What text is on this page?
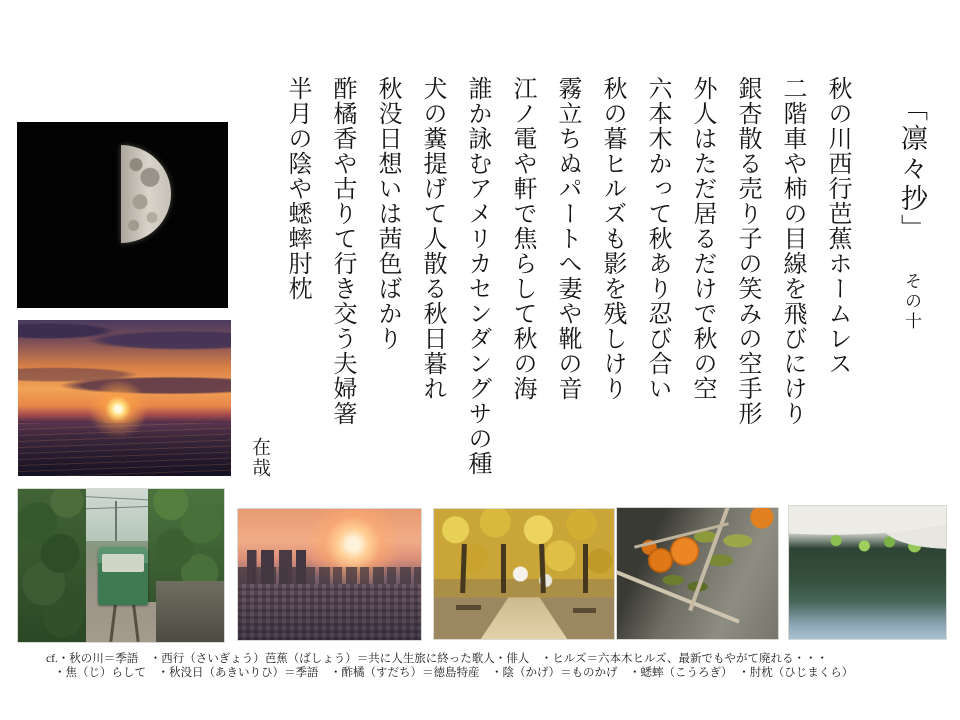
「凛々抄」
その十
秋の川西行芭蕉ホームレス
二階車や柿の目線を飛びにけり
銀杏散る売り子の笑みの空手形
外人はただ居るだけで秋の空
六本木かって秋あり忍び合い
秋の暮ヒルズも影を残しけり
霧立ちぬパートへ妻や靴の音
江ノ電や軒で焦らして秋の海
誰か詠むアメリカセンダングサの種
犬の糞提げて人散る秋日暮れ
秋没日想いは茜色ばかり
酢橘香や古りて行き交う夫婦箸
半月の陰や蟋蟀肘枕
在哉
cf.・秋の川＝季語　・西行（さいぎょう）芭蕉（ばしょう）＝共に人生旅に終った歌人・俳人　・ヒルズ＝六本木ヒルズ、最新でもやがて廃れる・・・
・焦（じ）らして　・秋没日（あきいりひ）＝季語　・酢橘（すだち）＝徳島特産　・陰（かげ）＝ものかげ　・蟋蟀（こうろぎ）　・肘枕（ひじまくら）
